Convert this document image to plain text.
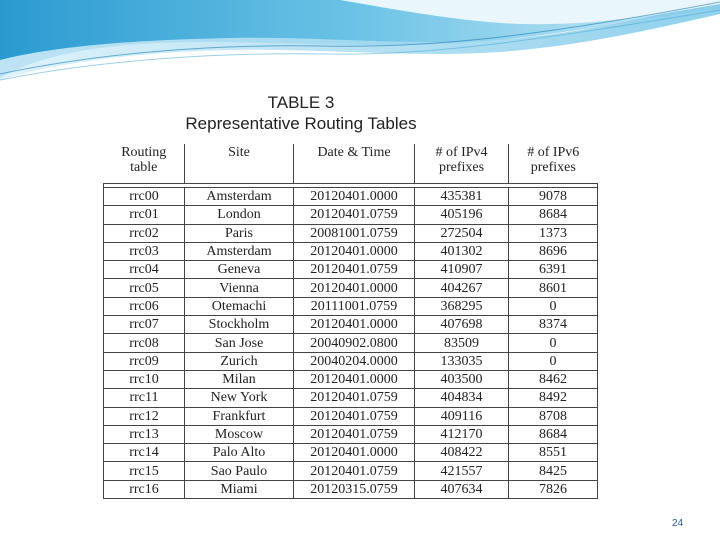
TABLE 3
Representative Routing Tables
Routing table	Site	Date & Time	# of IPv4 prefixes	# of IPv6 prefixes

rrc00	Amsterdam	20120401.0000	435381	9078
rrc01	London	20120401.0759	405196	8684
rrc02	Paris	20081001.0759	272504	1373
rrc03	Amsterdam	20120401.0000	401302	8696
rrc04	Geneva	20120401.0759	410907	6391
rrc05	Vienna	20120401.0000	404267	8601
rrc06	Otemachi	20111001.0759	368295	0
rrc07	Stockholm	20120401.0000	407698	8374
rrc08	San Jose	20040902.0800	83509	0
rrc09	Zurich	20040204.0000	133035	0
rrc10	Milan	20120401.0000	403500	8462
rrc11	New York	20120401.0759	404834	8492
rrc12	Frankfurt	20120401.0759	409116	8708
rrc13	Moscow	20120401.0759	412170	8684
rrc14	Palo Alto	20120401.0000	408422	8551
rrc15	Sao Paulo	20120401.0759	421557	8425
rrc16	Miami	20120315.0759	407634	7826
24
